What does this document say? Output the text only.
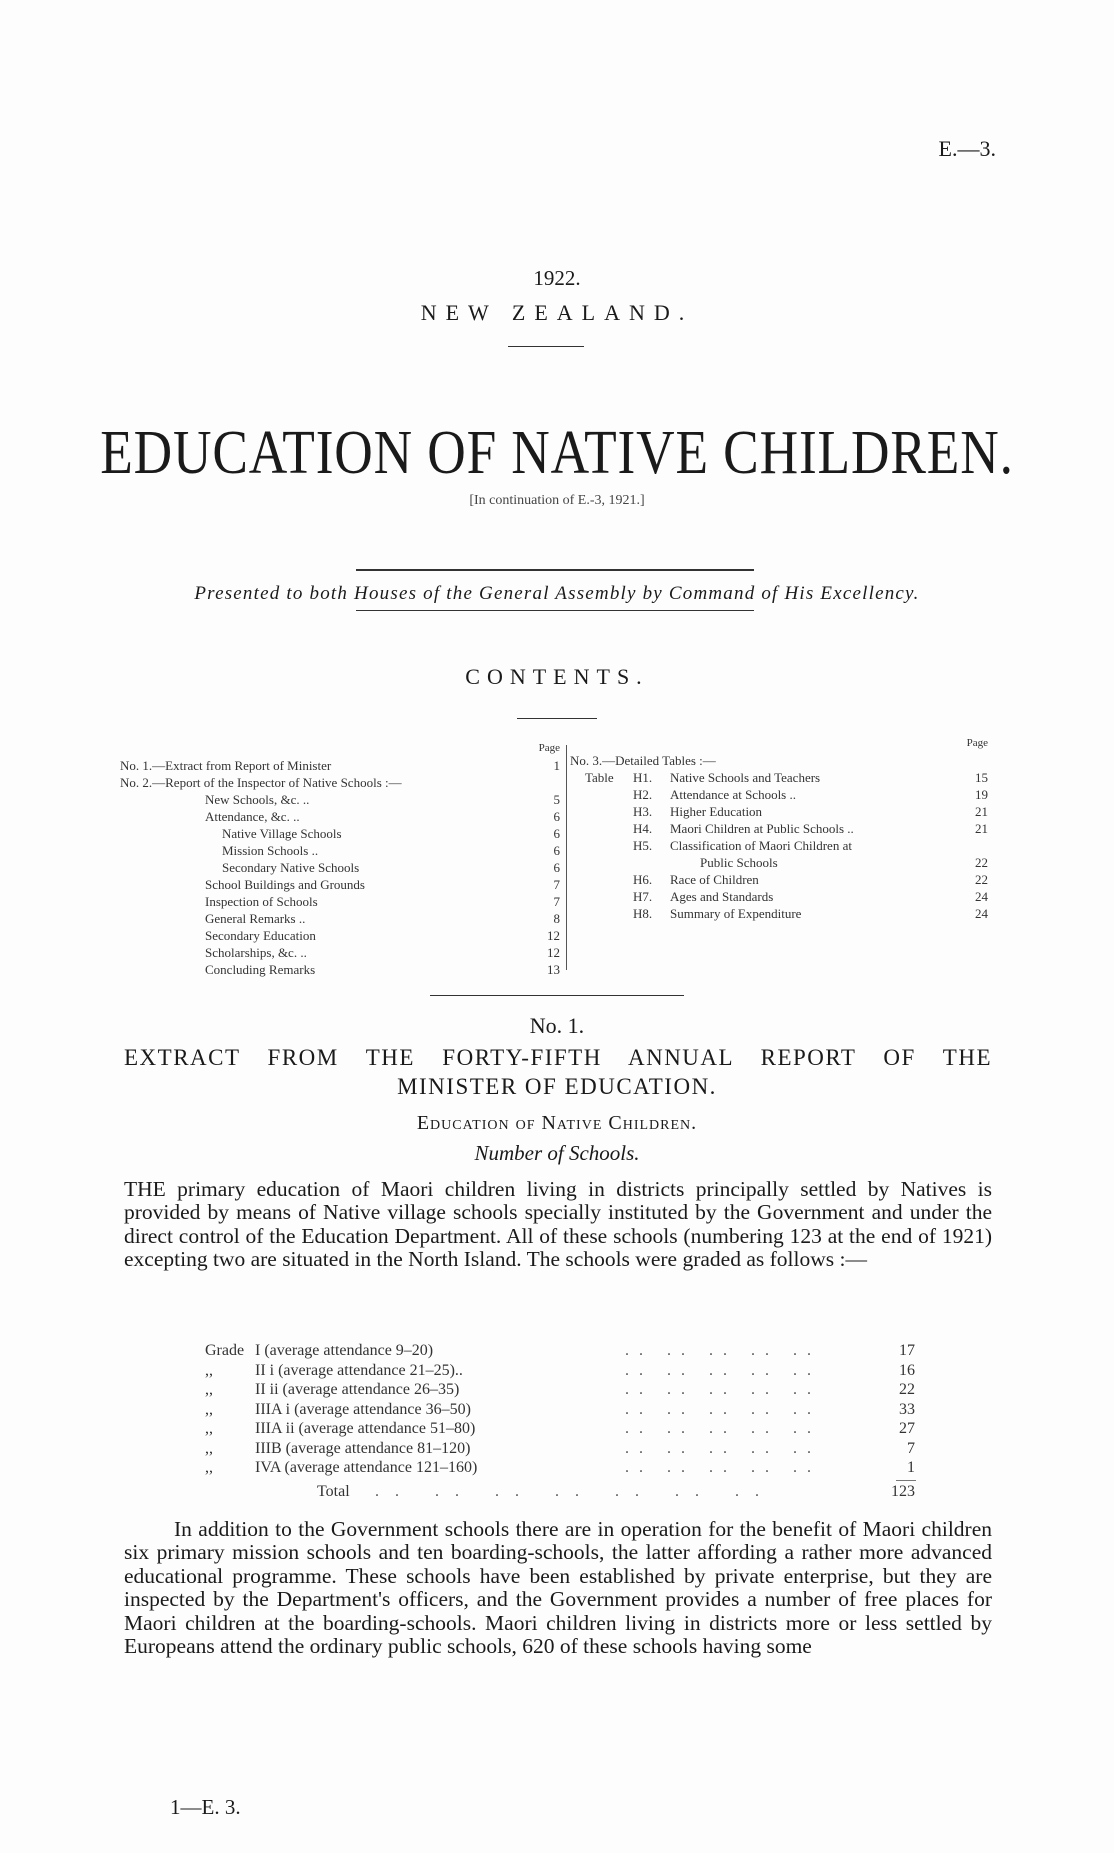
E.—3.
1922.
NEW ZEALAND.
EDUCATION OF NATIVE CHILDREN.
[In continuation of E.-3, 1921.]
Presented to both Houses of the General Assembly by Command of His Excellency.
CONTENTS.
Page
No. 1.—Extract from Report of Minister	1
No. 2.—Report of the Inspector of Native Schools :—
New Schools, &c. ..	5
Attendance, &c. ..	6
Native Village Schools	6
Mission Schools ..	6
Secondary Native Schools	6
School Buildings and Grounds	7
Inspection of Schools	7
General Remarks ..	8
Secondary Education	12
Scholarships, &c. ..	12
Concluding Remarks	13
Page
No. 3.—Detailed Tables :—
Table H1. Native Schools and Teachers	15
H2. Attendance at Schools ..	19
H3. Higher Education	21
H4. Maori Children at Public Schools ..	21
H5. Classification of Maori Children at
Public Schools	22
H6. Race of Children	22
H7. Ages and Standards	24
H8. Summary of Expenditure	24
No. 1.
EXTRACT FROM THE FORTY-FIFTH ANNUAL REPORT OF THE
MINISTER OF EDUCATION.
Education of Native Children.
Number of Schools.
THE primary education of Maori children living in districts principally settled by Natives is provided by means of Native village schools specially instituted by the Government and under the direct control of the Education Department. All of these schools (numbering 123 at the end of 1921) excepting two are situated in the North Island. The schools were graded as follows :—
Grade I (average attendance 9–20)	.. .. .. .. ..	17
,,	II i (average attendance 21–25)..	.. .. .. .. ..	16
,,	II ii (average attendance 26–35)	.. .. .. .. ..	22
,,	IIIA i (average attendance 36–50)	.. .. .. .. ..	33
,,	IIIA ii (average attendance 51–80)	.. .. .. .. ..	27
,,	IIIB (average attendance 81–120)	.. .. .. .. ..	7
,,	IVA (average attendance 121–160)	.. .. .. .. ..	1
Total .. .. .. .. .. .. ..	123
In addition to the Government schools there are in operation for the benefit of Maori children six primary mission schools and ten boarding-schools, the latter affording a rather more advanced educational programme. These schools have been established by private enterprise, but they are inspected by the Department's officers, and the Government provides a number of free places for Maori children at the boarding-schools. Maori children living in districts more or less settled by Europeans attend the ordinary public schools, 620 of these schools having some
1—E. 3.
